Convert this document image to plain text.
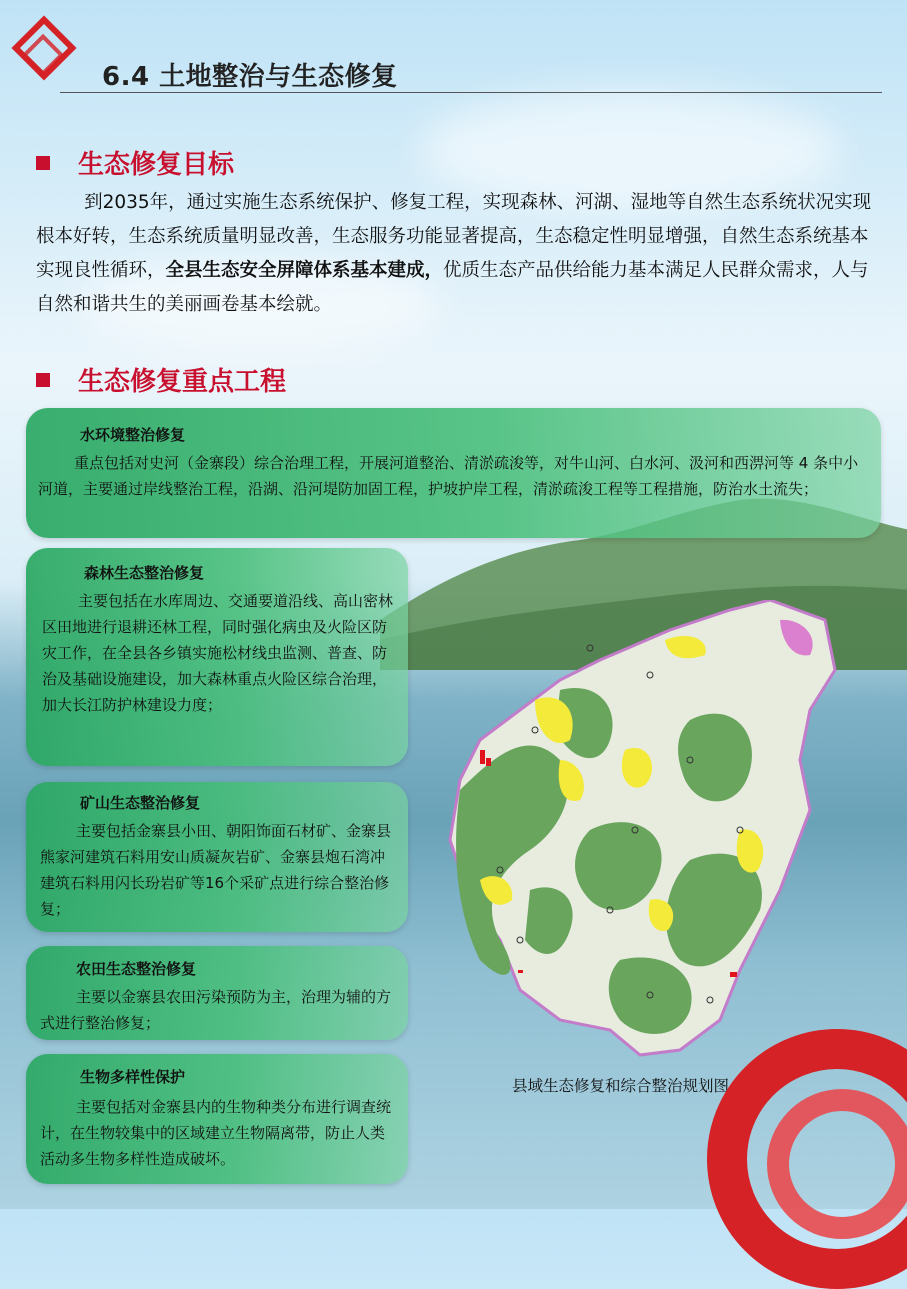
6.4 土地整治与生态修复
生态修复目标
到2035年，通过实施生态系统保护、修复工程，实现森林、河湖、湿地等自然生态系统状况实现根本好转，生态系统质量明显改善，生态服务功能显著提高，生态稳定性明显增强，自然生态系统基本实现良性循环，全县生态安全屏障体系基本建成，优质生态产品供给能力基本满足人民群众需求，人与自然和谐共生的美丽画卷基本绘就。
生态修复重点工程
水环境整治修复
重点包括对史河（金寨段）综合治理工程，开展河道整治、清淤疏浚等，对牛山河、白水河、汲河和西淠河等 4 条中小河道，主要通过岸线整治工程，沿湖、沿河堤防加固工程，护坡护岸工程，清淤疏浚工程等工程措施，防治水土流失；
森林生态整治修复
主要包括在水库周边、交通要道沿线、高山密林区田地进行退耕还林工程，同时强化病虫及火险区防灾工作，在全县各乡镇实施松材线虫监测、普查、防治及基础设施建设，加大森林重点火险区综合治理，加大长江防护林建设力度；
矿山生态整治修复
主要包括金寨县小田、朝阳饰面石材矿、金寨县熊家河建筑石料用安山质凝灰岩矿、金寨县炮石湾冲建筑石料用闪长玢岩矿等16个采矿点进行综合整治修复；
农田生态整治修复
主要以金寨县农田污染预防为主，治理为辅的方式进行整治修复；
生物多样性保护
主要包括对金寨县内的生物种类分布进行调查统计，在生物较集中的区域建立生物隔离带，防止人类活动多生物多样性造成破坏。
县域生态修复和综合整治规划图
